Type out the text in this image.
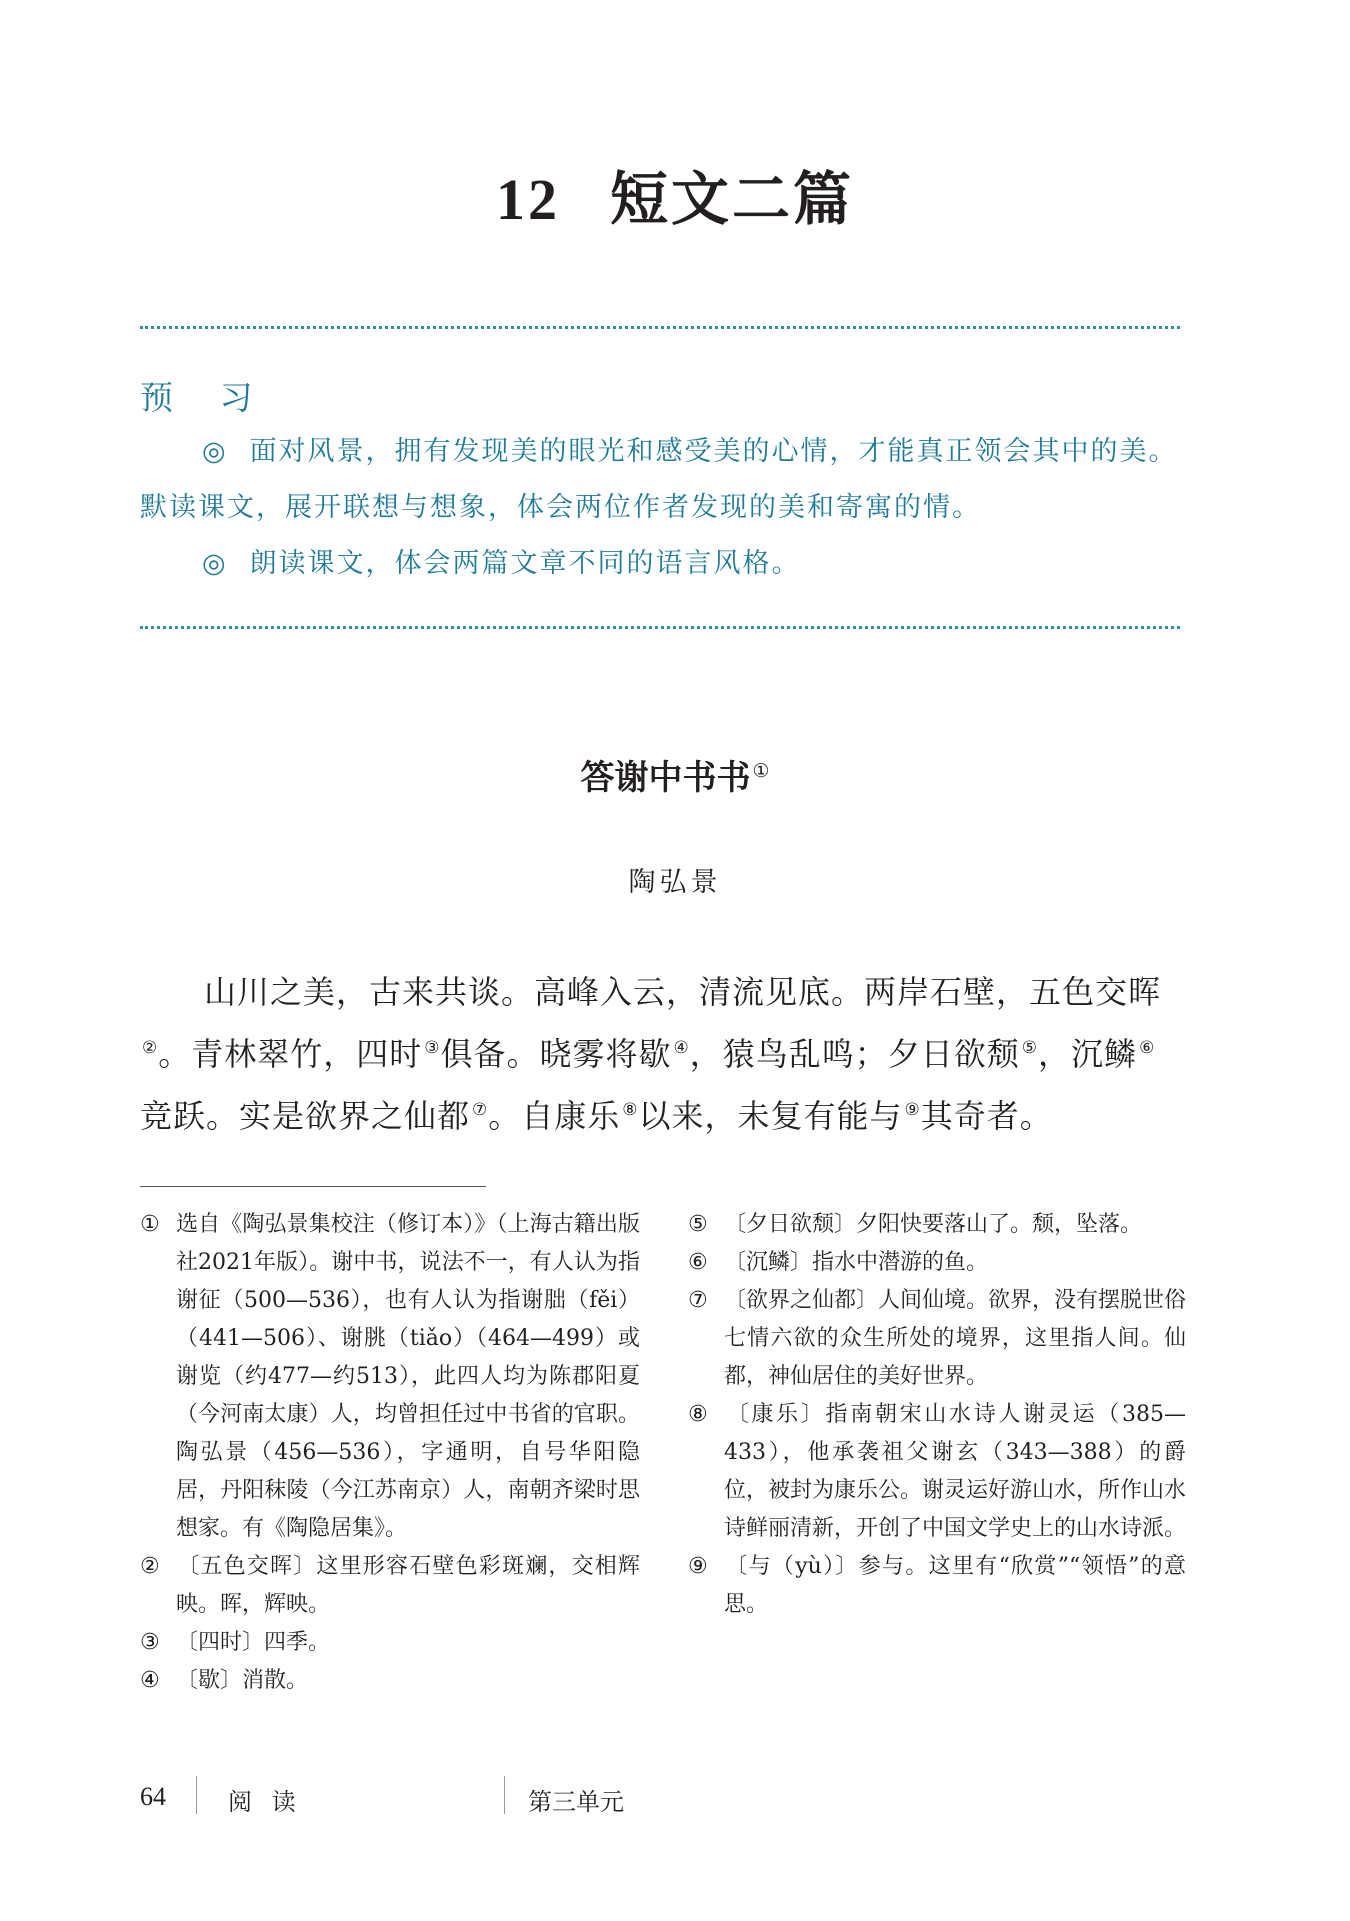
12 短文二篇
预 习
◎ 面对风景，拥有发现美的眼光和感受美的心情，才能真正领会其中的美。默读课文，展开联想与想象，体会两位作者发现的美和寄寓的情。
◎ 朗读课文，体会两篇文章不同的语言风格。
答谢中书书 ①
陶弘景
山川之美，古来共谈。高峰入云，清流见底。两岸石壁，五色交晖②。青林翠竹，四时 ③俱备。晓雾将歇 ④，猿鸟乱鸣；夕日欲颓 ⑤，沉鳞 ⑥竞跃。实是欲界之仙都 ⑦。自康乐 ⑧以来，未复有能与 ⑨其奇者。
① 选自《陶弘景集校注（修订本）》（上海古籍出版社2021年版）。谢中书，说法不一，有人认为指谢征（500—536），也有人认为指谢朏（fěi）（441—506）、谢朓（tiǎo）（464—499）或谢览（约477—约513），此四人均为陈郡阳夏（今河南太康）人，均曾担任过中书省的官职。陶弘景（456—536），字通明，自号华阳隐居，丹阳秣陵（今江苏南京）人，南朝齐梁时思想家。有《陶隐居集》。
② 〔五色交晖〕这里形容石壁色彩斑斓，交相辉映。晖，辉映。
③ 〔四时〕四季。
④ 〔歇〕消散。
⑤ 〔夕日欲颓〕夕阳快要落山了。颓，坠落。
⑥ 〔沉鳞〕指水中潜游的鱼。
⑦ 〔欲界之仙都〕人间仙境。欲界，没有摆脱世俗七情六欲的众生所处的境界，这里指人间。仙都，神仙居住的美好世界。
⑧ 〔康乐〕指南朝宋山水诗人谢灵运（385—433），他承袭祖父谢玄（343—388）的爵位，被封为康乐公。谢灵运好游山水，所作山水诗鲜丽清新，开创了中国文学史上的山水诗派。
⑨ 〔与（yù）〕参与。这里有“欣赏”“领悟”的意思。
64	阅 读	第三单元
